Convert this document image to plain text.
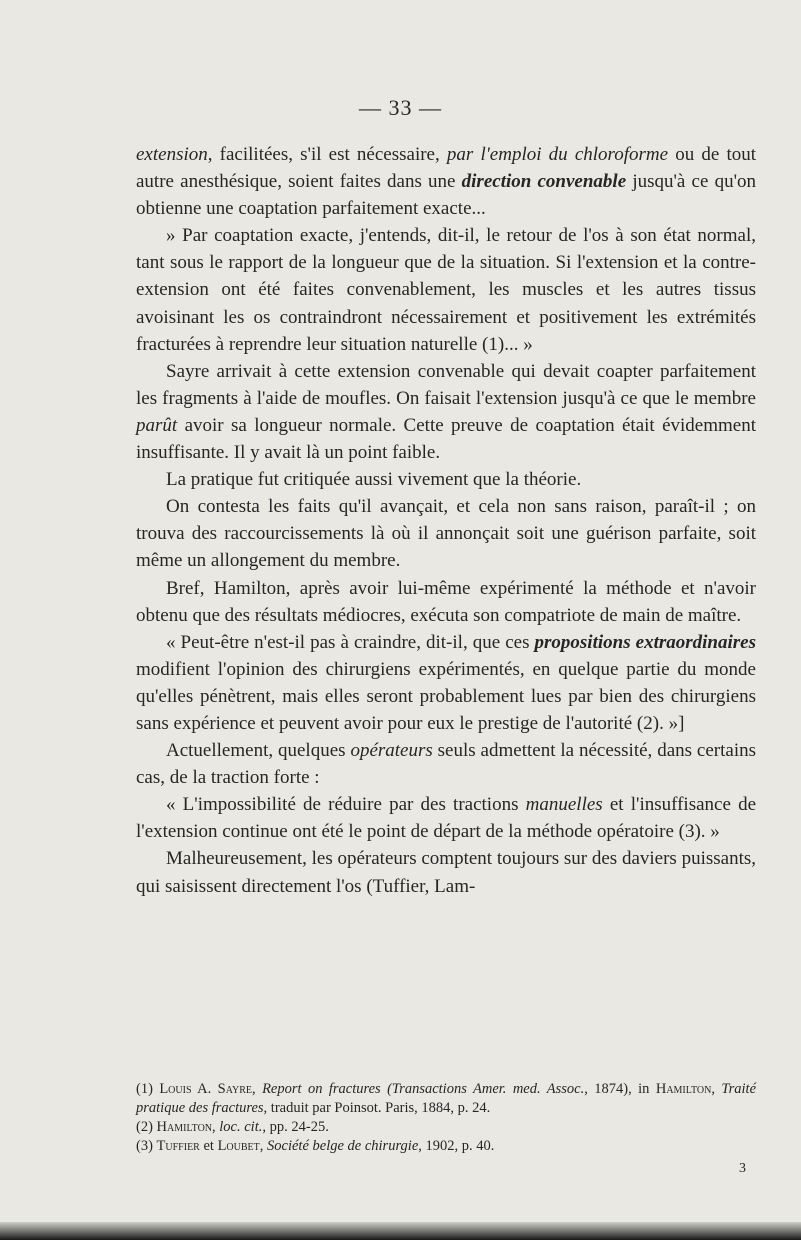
— 33 —

extension, facilitées, s'il est nécessaire, par l'emploi du chloroforme ou de tout autre anesthésique, soient faites dans une direction convenable jusqu'à ce qu'on obtienne une coaptation parfaitement exacte...

» Par coaptation exacte, j'entends, dit-il, le retour de l'os à son état normal, tant sous le rapport de la longueur que de la situation. Si l'extension et la contre-extension ont été faites convenablement, les muscles et les autres tissus avoisinant les os contraindront nécessairement et positivement les extrémités fracturées à reprendre leur situation naturelle (1)... »

Sayre arrivait à cette extension convenable qui devait coapter parfaitement les fragments à l'aide de moufles. On faisait l'extension jusqu'à ce que le membre parût avoir sa longueur normale. Cette preuve de coaptation était évidemment insuffisante. Il y avait là un point faible.

La pratique fut critiquée aussi vivement que la théorie.

On contesta les faits qu'il avançait, et cela non sans raison, paraît-il ; on trouva des raccourcissements là où il annonçait soit une guérison parfaite, soit même un allongement du membre.

Bref, Hamilton, après avoir lui-même expérimenté la méthode et n'avoir obtenu que des résultats médiocres, exécuta son compatriote de main de maître.

« Peut-être n'est-il pas à craindre, dit-il, que ces propositions extraordinaires modifient l'opinion des chirurgiens expérimentés, en quelque partie du monde qu'elles pénètrent, mais elles seront probablement lues par bien des chirurgiens sans expérience et peuvent avoir pour eux le prestige de l'autorité (2). »]

Actuellement, quelques opérateurs seuls admettent la nécessité, dans certains cas, de la traction forte :

« L'impossibilité de réduire par des tractions manuelles et l'insuffisance de l'extension continue ont été le point de départ de la méthode opératoire (3). »

Malheureusement, les opérateurs comptent toujours sur des daviers puissants, qui saisissent directement l'os (Tuffier, Lam-

(1) Louis A. Sayre, Report on fractures (Transactions Amer. med. Assoc., 1874), in Hamilton, Traité pratique des fractures, traduit par Poinsot. Paris, 1884, p. 24.

(2) Hamilton, loc. cit., pp. 24-25.

(3) Tuffier et Loubet, Société belge de chirurgie, 1902, p. 40.

3
